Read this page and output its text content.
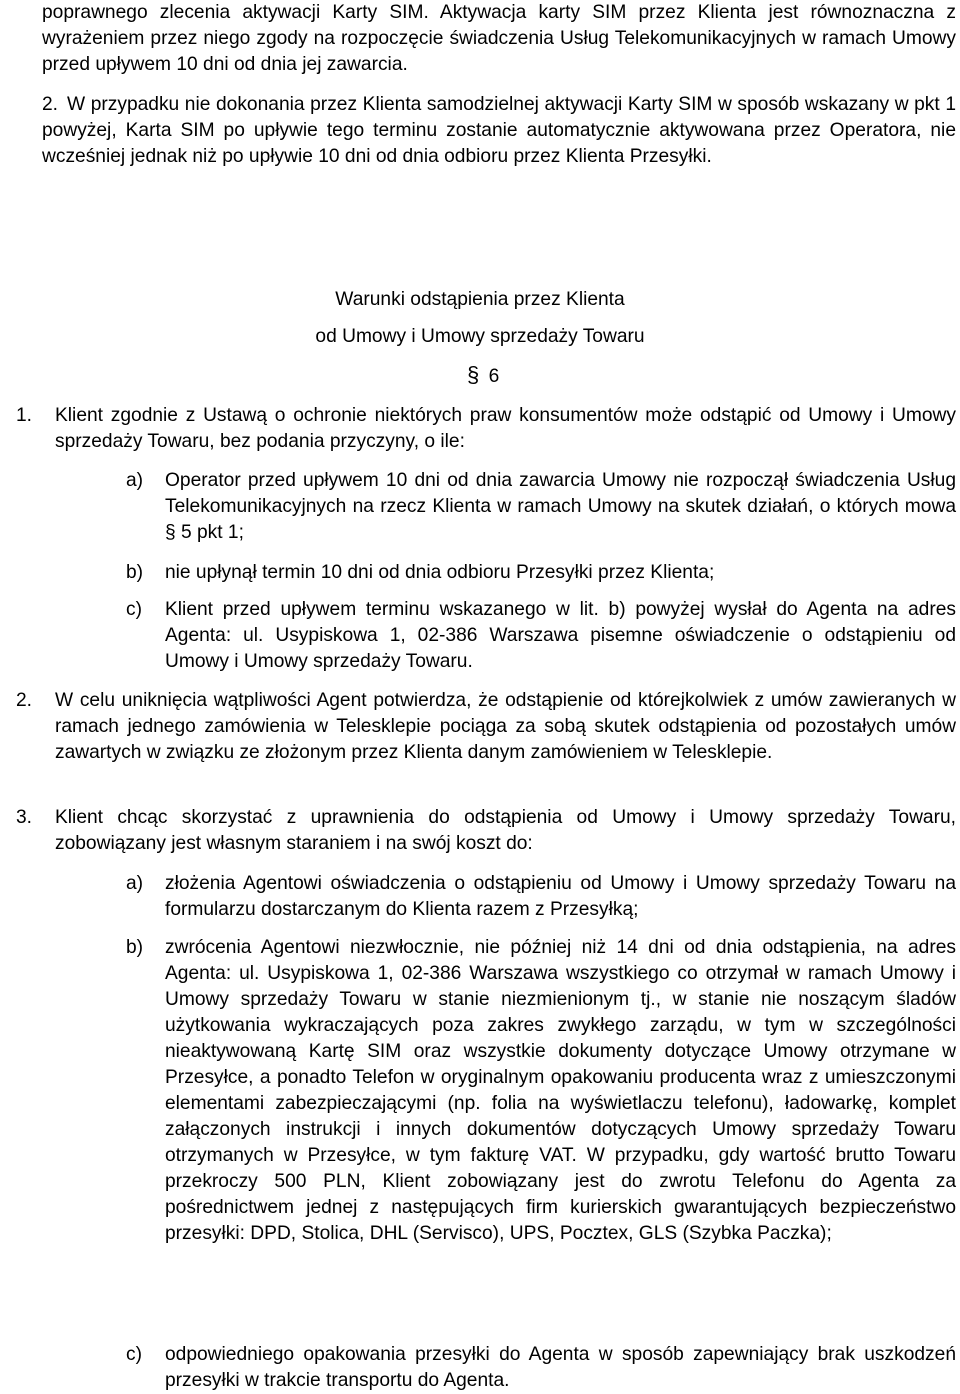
poprawnego zlecenia aktywacji Karty SIM. Aktywacja karty SIM przez Klienta jest równoznaczna z wyrażeniem przez niego zgody na rozpoczęcie świadczenia Usług Telekomunikacyjnych w ramach Umowy przed upływem 10 dni od dnia jej zawarcia.
2. W przypadku nie dokonania przez Klienta samodzielnej aktywacji Karty SIM w sposób wskazany w pkt 1 powyżej, Karta SIM po upływie tego terminu zostanie automatycznie aktywowana przez Operatora, nie wcześniej jednak niż po upływie 10 dni od dnia odbioru przez Klienta Przesyłki.
Warunki odstąpienia przez Klienta
od Umowy i Umowy sprzedaży Towaru
§ 6
1. Klient zgodnie z Ustawą o ochronie niektórych praw konsumentów może odstąpić od Umowy i Umowy sprzedaży Towaru, bez podania przyczyny, o ile:
a) Operator przed upływem 10 dni od dnia zawarcia Umowy nie rozpoczął świadczenia Usług Telekomunikacyjnych na rzecz Klienta w ramach Umowy na skutek działań, o których mowa § 5 pkt 1;
b) nie upłynął termin 10 dni od dnia odbioru Przesyłki przez Klienta;
c) Klient przed upływem terminu wskazanego w lit. b) powyżej wysłał do Agenta na adres Agenta: ul. Usypiskowa 1, 02-386 Warszawa pisemne oświadczenie o odstąpieniu od Umowy i Umowy sprzedaży Towaru.
2. W celu uniknięcia wątpliwości Agent potwierdza, że odstąpienie od którejkolwiek z umów zawieranych w ramach jednego zamówienia w Telesklepie pociąga za sobą skutek odstąpienia od pozostałych umów zawartych w związku ze złożonym przez Klienta danym zamówieniem w Telesklepie.
3. Klient chcąc skorzystać z uprawnienia do odstąpienia od Umowy i Umowy sprzedaży Towaru, zobowiązany jest własnym staraniem i na swój koszt do:
a) złożenia Agentowi oświadczenia o odstąpieniu od Umowy i Umowy sprzedaży Towaru na formularzu dostarczanym do Klienta razem z Przesyłką;
b) zwrócenia Agentowi niezwłocznie, nie później niż 14 dni od dnia odstąpienia, na adres Agenta: ul. Usypiskowa 1, 02-386 Warszawa wszystkiego co otrzymał w ramach Umowy i Umowy sprzedaży Towaru w stanie niezmienionym tj., w stanie nie noszącym śladów użytkowania wykraczających poza zakres zwykłego zarządu, w tym w szczególności nieaktywowaną Kartę SIM oraz wszystkie dokumenty dotyczące Umowy otrzymane w Przesyłce, a ponadto Telefon w oryginalnym opakowaniu producenta wraz z umieszczonymi elementami zabezpieczającymi (np. folia na wyświetlaczu telefonu), ładowarkę, komplet załączonych instrukcji i innych dokumentów dotyczących Umowy sprzedaży Towaru otrzymanych w Przesyłce, w tym fakturę VAT. W przypadku, gdy wartość brutto Towaru przekroczy 500 PLN, Klient zobowiązany jest do zwrotu Telefonu do Agenta za pośrednictwem jednej z następujących firm kurierskich gwarantujących bezpieczeństwo przesyłki: DPD, Stolica, DHL (Servisco), UPS, Pocztex, GLS (Szybka Paczka);
c) odpowiedniego opakowania przesyłki do Agenta w sposób zapewniający brak uszkodzeń przesyłki w trakcie transportu do Agenta.
